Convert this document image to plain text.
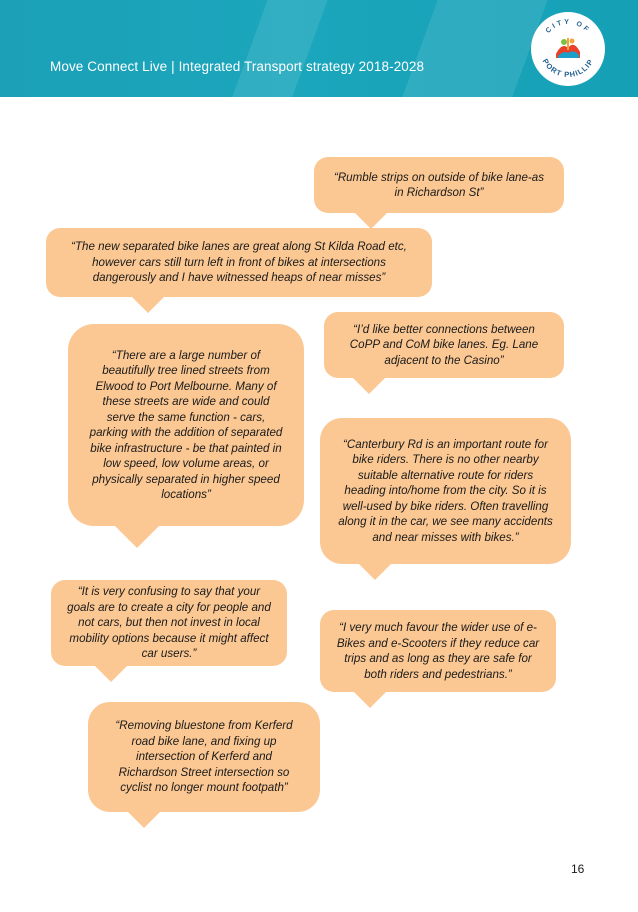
Move Connect Live | Integrated Transport strategy 2018-2028
CITY OF
PORT PHILLIP
“Rumble strips on outside of bike lane-as in Richardson St”
“The new separated bike lanes are great along St Kilda Road etc, however cars still turn left in front of bikes at intersections dangerously and I have witnessed heaps of near misses”
“I’d like better connections between CoPP and CoM bike lanes. Eg. Lane adjacent to the Casino”
“There are a large number of beautifully tree lined streets from Elwood to Port Melbourne. Many of these streets are wide and could serve the same function - cars, parking with the addition of separated bike infrastructure - be that painted in low speed, low volume areas, or physically separated in higher speed locations”
“Canterbury Rd is an important route for bike riders. There is no other nearby suitable alternative route for riders heading into/home from the city. So it is well-used by bike riders. Often travelling along it in the car, we see many accidents and near misses with bikes.”
“It is very confusing to say that your goals are to create a city for people and not cars, but then not invest in local mobility options because it might affect car users.”
“I very much favour the wider use of e-Bikes and e-Scooters if they reduce car trips and as long as they are safe for both riders and pedestrians.”
“Removing bluestone from Kerferd road bike lane, and fixing up intersection of Kerferd and Richardson Street intersection so cyclist no longer mount footpath”
16
